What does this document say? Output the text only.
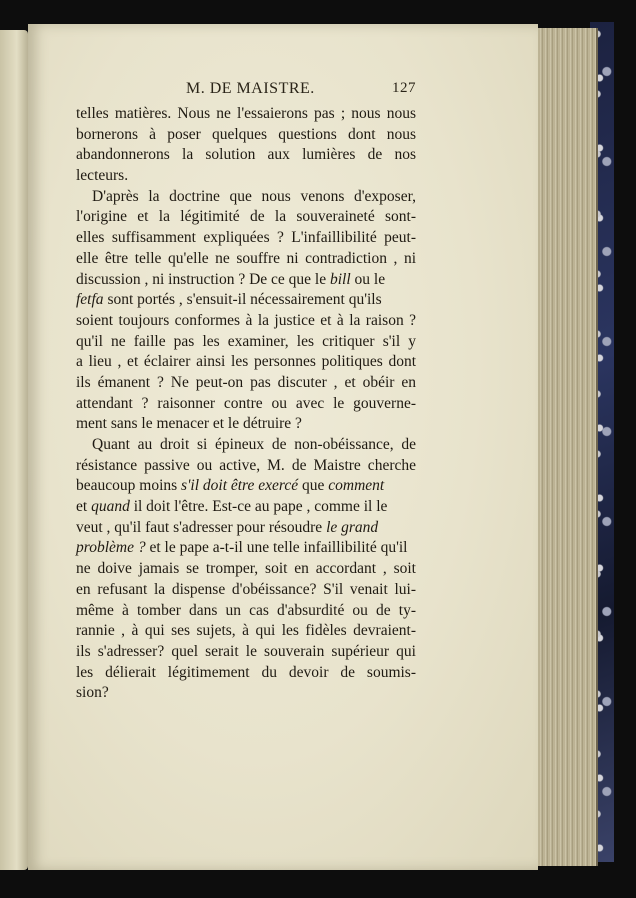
M. DE MAISTRE.	127
telles matières. Nous ne l'essaierons pas ; nous nous
bornerons à poser quelques questions dont nous
abandonnerons la solution aux lumières de nos
lecteurs.
D'après la doctrine que nous venons d'exposer,
l'origine et la légitimité de la souveraineté sont-
elles suffisamment expliquées ? L'infaillibilité peut-
elle être telle qu'elle ne souffre ni contradiction , ni
discussion , ni instruction ? De ce que le bill ou le
fetfa sont portés , s'ensuit-il nécessairement qu'ils
soient toujours conformes à la justice et à la raison ?
qu'il ne faille pas les examiner, les critiquer s'il y
a lieu , et éclairer ainsi les personnes politiques dont
ils émanent ? Ne peut-on pas discuter , et obéir en
attendant ? raisonner contre ou avec le gouverne-
ment sans le menacer et le détruire ?
Quant au droit si épineux de non-obéissance, de
résistance passive ou active, M. de Maistre cherche
beaucoup moins s'il doit être exercé que comment
et quand il doit l'être. Est-ce au pape , comme il le
veut , qu'il faut s'adresser pour résoudre le grand
problème ? et le pape a-t-il une telle infaillibilité qu'il
ne doive jamais se tromper, soit en accordant , soit
en refusant la dispense d'obéissance? S'il venait lui-
même à tomber dans un cas d'absurdité ou de ty-
rannie , à qui ses sujets, à qui les fidèles devraient-
ils s'adresser? quel serait le souverain supérieur qui
les délierait légitimement du devoir de soumis-
sion?
